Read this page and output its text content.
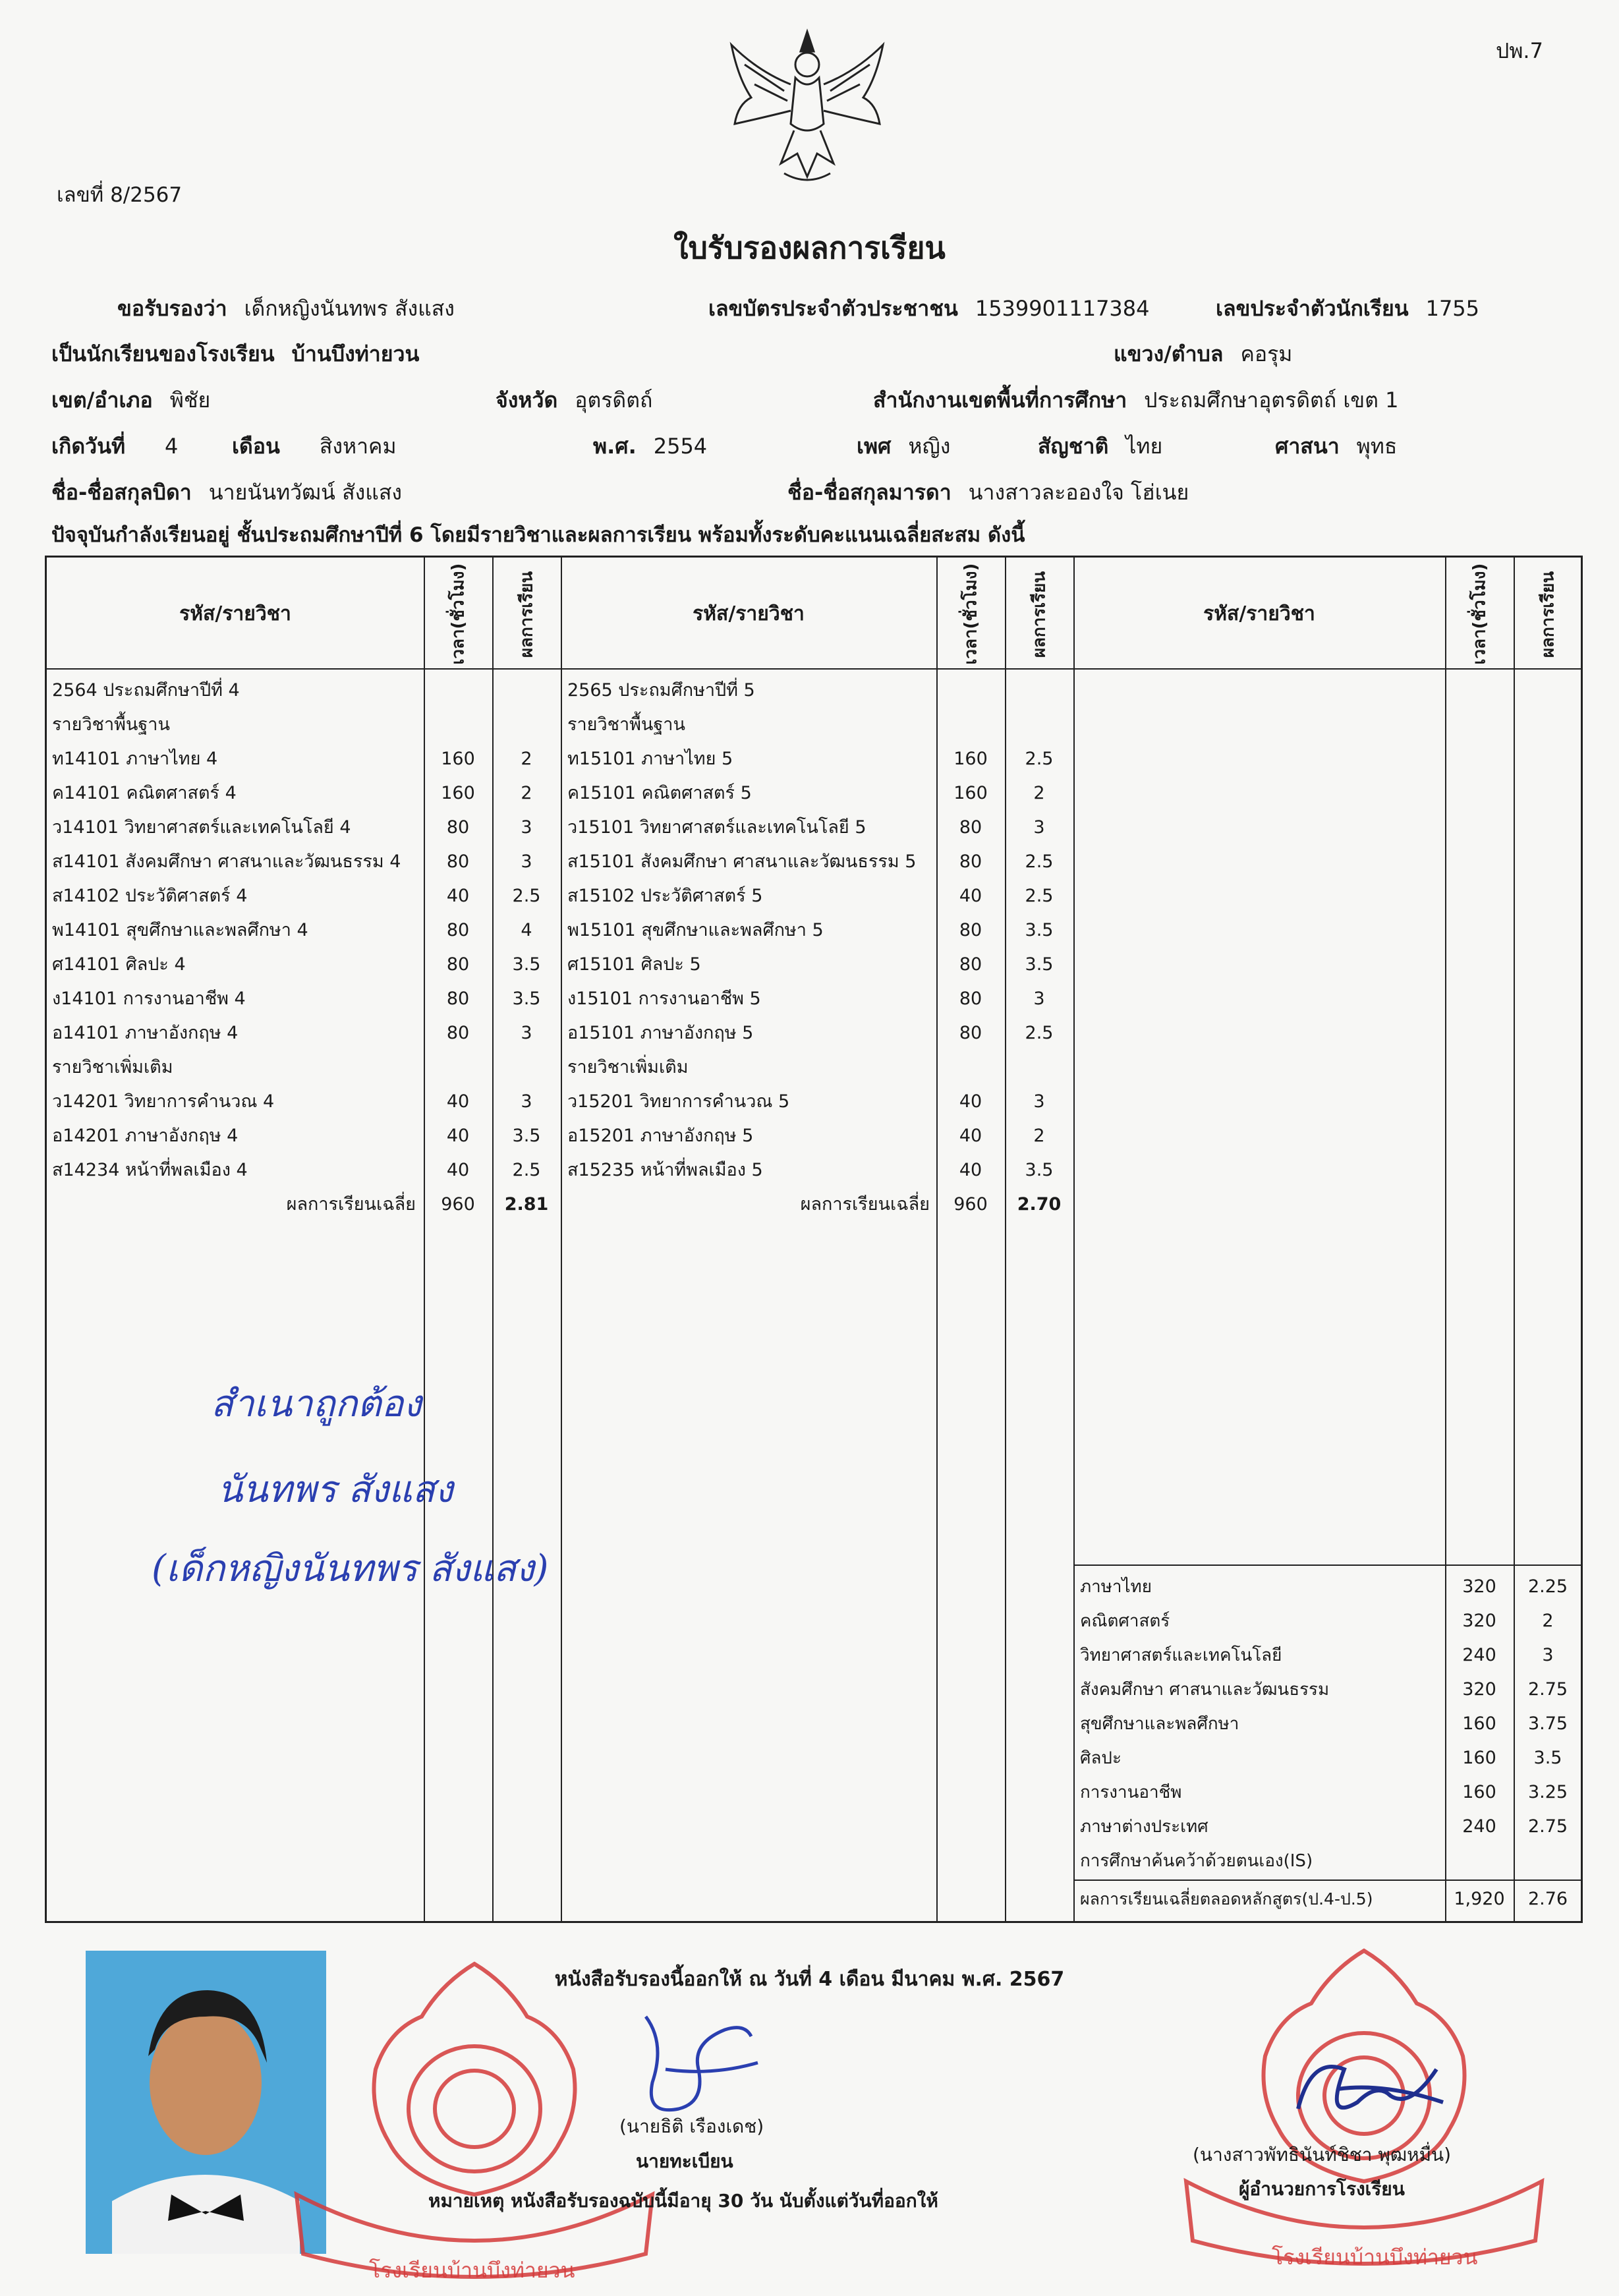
ปพ.7
เลขที่ 8/2567
ใบรับรองผลการเรียน
ขอรับรองว่า เด็กหญิงนันทพร สังแสง	เลขบัตรประจำตัวประชาชน 1539901117384	เลขประจำตัวนักเรียน 1755
เป็นนักเรียนของโรงเรียน บ้านบึงท่ายวน	แขวง/ตำบล คอรุม
เขต/อำเภอ พิชัย	จังหวัด อุตรดิตถ์	สำนักงานเขตพื้นที่การศึกษา ประถมศึกษาอุตรดิตถ์ เขต 1
เกิดวันที่ 4	เดือน สิงหาคม	พ.ศ. 2554	เพศ หญิง	สัญชาติ ไทย	ศาสนา พุทธ
ชื่อ-ชื่อสกุลบิดา นายนันทวัฒน์ สังแสง	ชื่อ-ชื่อสกุลมารดา นางสาวละอองใจ โฮ่เนย
ปัจจุบันกำลังเรียนอยู่ ชั้นประถมศึกษาปีที่ 6 โดยมีรายวิชาและผลการเรียน พร้อมทั้งระดับคะแนนเฉลี่ยสะสม ดังนี้
รหัส/รายวิชา	เวลา(ชั่วโมง)	ผลการเรียน	รหัส/รายวิชา	เวลา(ชั่วโมง)	ผลการเรียน	รหัส/รายวิชา	เวลา(ชั่วโมง)	ผลการเรียน
2564 ประถมศึกษาปีที่ 4
รายวิชาพื้นฐาน
ท14101 ภาษาไทย 4	160	2
ค14101 คณิตศาสตร์ 4	160	2
ว14101 วิทยาศาสตร์และเทคโนโลยี 4	80	3
ส14101 สังคมศึกษา ศาสนาและวัฒนธรรม 4	80	3
ส14102 ประวัติศาสตร์ 4	40	2.5
พ14101 สุขศึกษาและพลศึกษา 4	80	4
ศ14101 ศิลปะ 4	80	3.5
ง14101 การงานอาชีพ 4	80	3.5
อ14101 ภาษาอังกฤษ 4	80	3
รายวิชาเพิ่มเติม
ว14201 วิทยาการคำนวณ 4	40	3
อ14201 ภาษาอังกฤษ 4	40	3.5
ส14234 หน้าที่พลเมือง 4	40	2.5
ผลการเรียนเฉลี่ย	960	2.81
2565 ประถมศึกษาปีที่ 5
รายวิชาพื้นฐาน
ท15101 ภาษาไทย 5	160	2.5
ค15101 คณิตศาสตร์ 5	160	2
ว15101 วิทยาศาสตร์และเทคโนโลยี 5	80	3
ส15101 สังคมศึกษา ศาสนาและวัฒนธรรม 5	80	2.5
ส15102 ประวัติศาสตร์ 5	40	2.5
พ15101 สุขศึกษาและพลศึกษา 5	80	3.5
ศ15101 ศิลปะ 5	80	3.5
ง15101 การงานอาชีพ 5	80	3
อ15101 ภาษาอังกฤษ 5	80	2.5
รายวิชาเพิ่มเติม
ว15201 วิทยาการคำนวณ 5	40	3
อ15201 ภาษาอังกฤษ 5	40	2
ส15235 หน้าที่พลเมือง 5	40	3.5
ผลการเรียนเฉลี่ย	960	2.70
ภาษาไทย	320	2.25
คณิตศาสตร์	320	2
วิทยาศาสตร์และเทคโนโลยี	240	3
สังคมศึกษา ศาสนาและวัฒนธรรม	320	2.75
สุขศึกษาและพลศึกษา	160	3.75
ศิลปะ	160	3.5
การงานอาชีพ	160	3.25
ภาษาต่างประเทศ	240	2.75
การศึกษาค้นคว้าด้วยตนเอง(IS)
ผลการเรียนเฉลี่ยตลอดหลักสูตร(ป.4-ป.5)	1,920	2.76
สำเนาถูกต้อง
นันทพร สังแสง
(เด็กหญิงนันทพร สังแสง)
โรงเรียนบ้านบึงท่ายวน
โรงเรียนบ้านบึงท่ายวน
หนังสือรับรองนี้ออกให้ ณ วันที่ 4 เดือน มีนาคม พ.ศ. 2567
(นายธิติ เรืองเดช)
นายทะเบียน
หมายเหตุ หนังสือรับรองฉบับนี้มีอายุ 30 วัน นับตั้งแต่วันที่ออกให้
(นางสาวพัทธินันท์ชิชา พุฒหมื่น)
ผู้อำนวยการโรงเรียน
